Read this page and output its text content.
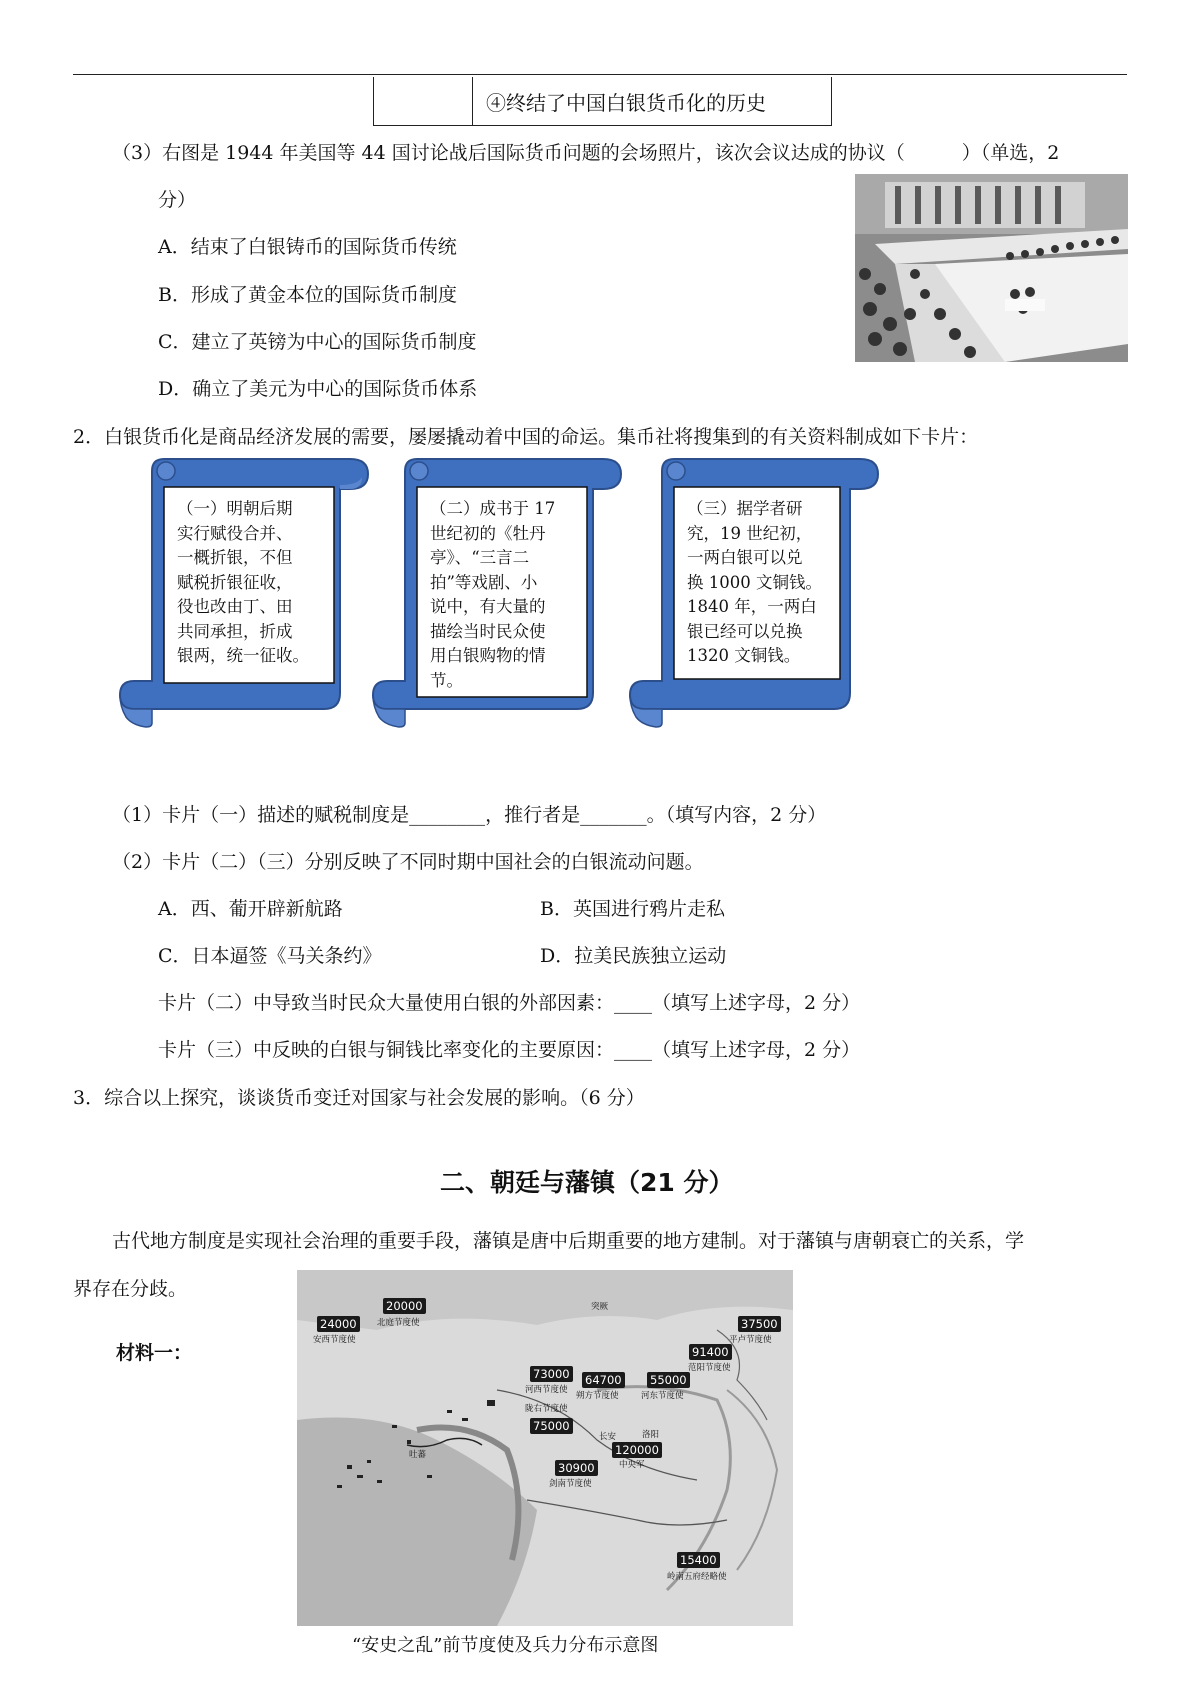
④终结了中国白银货币化的历史
（3）右图是 1944 年美国等 44 国讨论战后国际货币问题的会场照片，该次会议达成的协议（　　　）（单选，2
分）
A．结束了白银铸币的国际货币传统
B．形成了黄金本位的国际货币制度
C．建立了英镑为中心的国际货币制度
D．确立了美元为中心的国际货币体系
2．白银货币化是商品经济发展的需要，屡屡撬动着中国的命运。集币社将搜集到的有关资料制成如下卡片：
（一）明朝后期
实行赋役合并、
一概折银，不但
赋税折银征收，
役也改由丁、田
共同承担，折成
银两，统一征收。
（二）成书于 17
世纪初的《牡丹
亭》、“三言二
拍”等戏剧、小
说中，有大量的
描绘当时民众使
用白银购物的情
节。
（三）据学者研
究，19 世纪初，
一两白银可以兑
换 1000 文铜钱。
1840 年，一两白
银已经可以兑换
1320 文铜钱。
（1）卡片（一）描述的赋税制度是________，推行者是_______。（填写内容，2 分）
（2）卡片（二）（三）分别反映了不同时期中国社会的白银流动问题。
A．西、葡开辟新航路	B．英国进行鸦片走私
C．日本逼签《马关条约》	D．拉美民族独立运动
卡片（二）中导致当时民众大量使用白银的外部因素：____（填写上述字母，2 分）
卡片（三）中反映的白银与铜钱比率变化的主要原因：____（填写上述字母，2 分）
3．综合以上探究，谈谈货币变迁对国家与社会发展的影响。（6 分）
二、朝廷与藩镇（21 分）
古代地方制度是实现社会治理的重要手段，藩镇是唐中后期重要的地方建制。对于藩镇与唐朝衰亡的关系，学
界存在分歧。
材料一：
20000
24000	37500
91400
73000 64700 55000
75000
120000
30900
15400
突厥
北庭节度使
安西节度使	平卢节度使
范阳节度使
河西节度使
朔方节度使	河东节度使
陇右节度使
长安	洛阳
中央军
吐蕃
剑南节度使
岭南五府经略使
“安史之乱”前节度使及兵力分布示意图
